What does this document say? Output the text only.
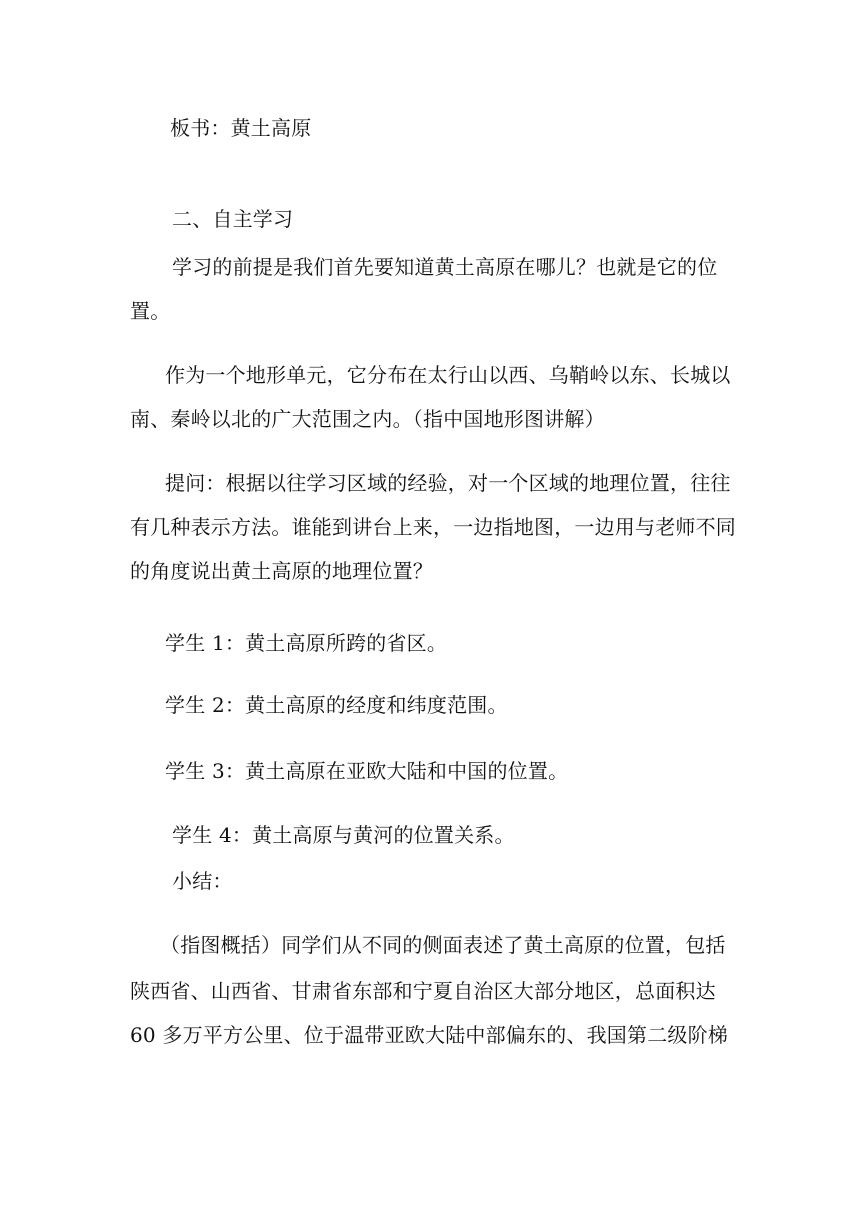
板书：黄土高原

二、自主学习

学习的前提是我们首先要知道黄土高原在哪儿？也就是它的位

置。

作为一个地形单元，它分布在太行山以西、乌鞘岭以东、长城以

南、秦岭以北的广大范围之内。（指中国地形图讲解）

提问：根据以往学习区域的经验，对一个区域的地理位置，往往

有几种表示方法。谁能到讲台上来，一边指地图，一边用与老师不同

的角度说出黄土高原的地理位置？

学生 1：黄土高原所跨的省区。

学生 2：黄土高原的经度和纬度范围。

学生 3：黄土高原在亚欧大陆和中国的位置。

学生 4：黄土高原与黄河的位置关系。

小结：

（指图概括）同学们从不同的侧面表述了黄土高原的位置，包括

陕西省、山西省、甘肃省东部和宁夏自治区大部分地区，总面积达

60 多万平方公里、位于温带亚欧大陆中部偏东的、我国第二级阶梯
